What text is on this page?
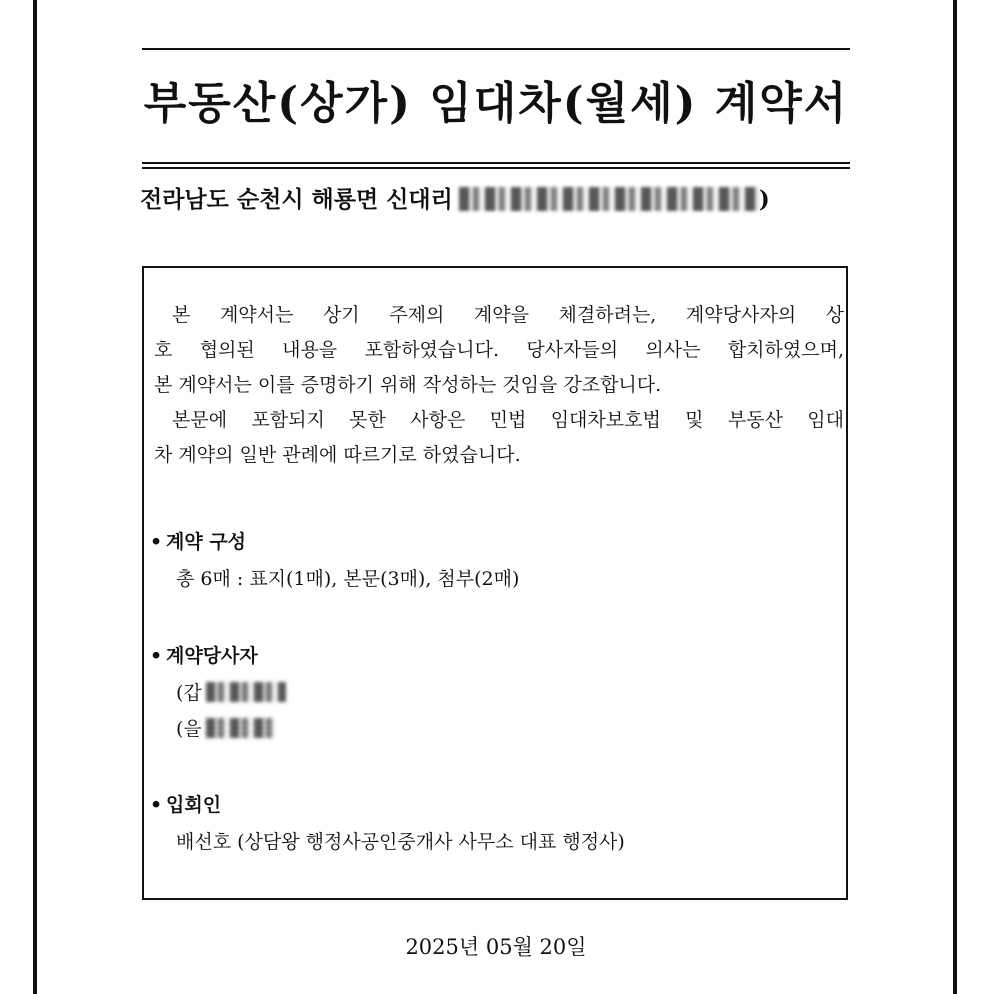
부동산(상가) 임대차(월세) 계약서
전라남도 순천시 해룡면 신대리	)
본 계약서는 상기 주제의 계약을 체결하려는, 계약당사자의 상
호 협의된 내용을 포함하였습니다. 당사자들의 의사는 합치하였으며,
본 계약서는 이를 증명하기 위해 작성하는 것임을 강조합니다.
본문에 포함되지 못한 사항은 민법 임대차보호법 및 부동산 임대
차 계약의 일반 관례에 따르기로 하였습니다.
• 계약 구성
총 6매 : 표지(1매), 본문(3매), 첨부(2매)
• 계약당사자
(갑
(을
• 입회인
배선호 (상담왕 행정사공인중개사 사무소 대표 행정사)
2025년 05월 20일
